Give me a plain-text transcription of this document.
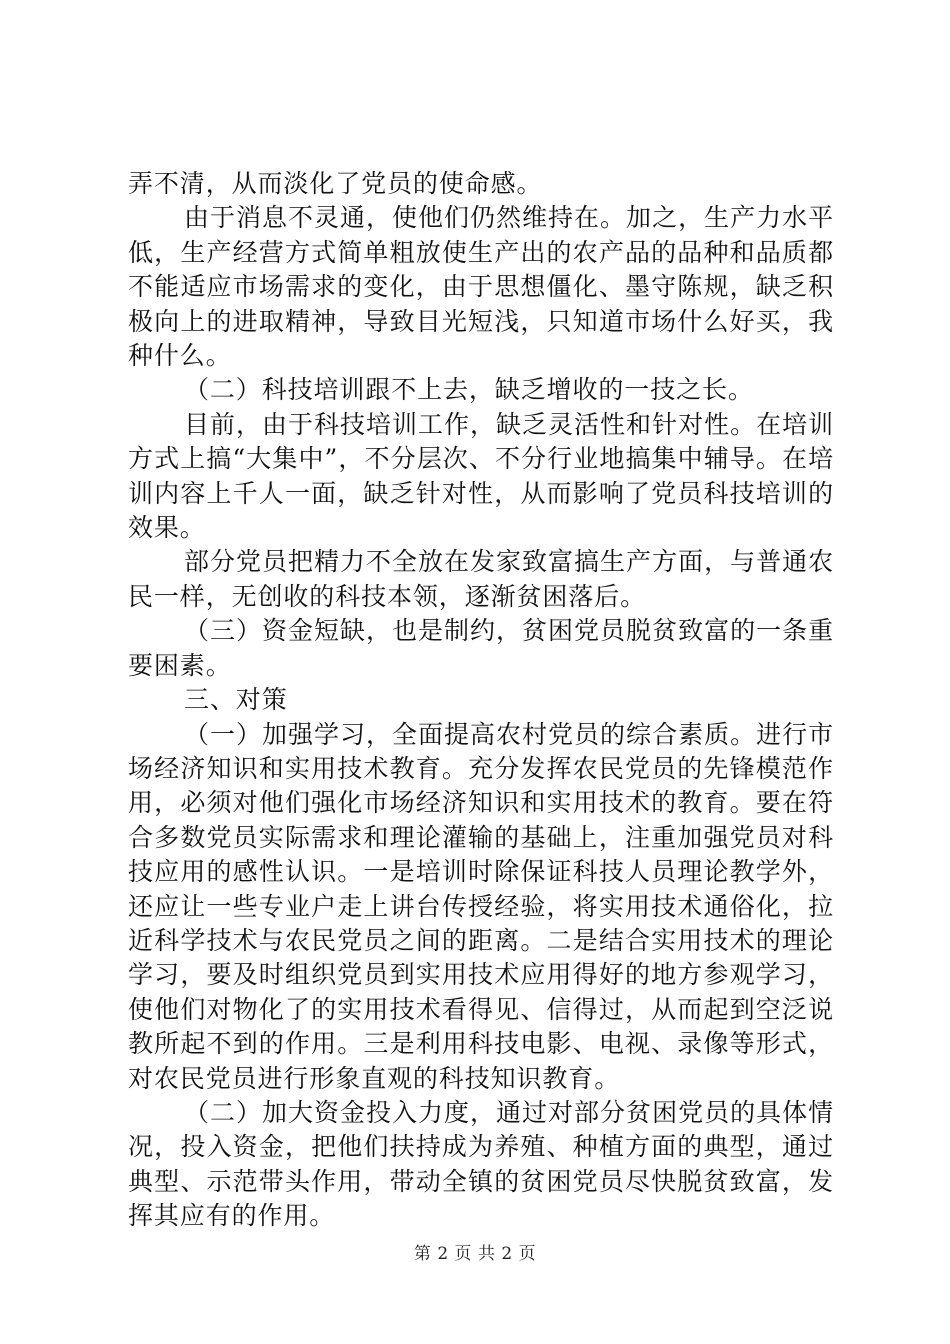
弄不清，从而淡化了党员的使命感。

由于消息不灵通，使他们仍然维持在。加之，生产力水平低，生产经营方式简单粗放使生产出的农产品的品种和品质都不能适应市场需求的变化，由于思想僵化、墨守陈规，缺乏积极向上的进取精神，导致目光短浅，只知道市场什么好买，我种什么。

（二）科技培训跟不上去，缺乏增收的一技之长。

目前，由于科技培训工作，缺乏灵活性和针对性。在培训方式上搞“大集中”，不分层次、不分行业地搞集中辅导。在培训内容上千人一面，缺乏针对性，从而影响了党员科技培训的效果。

部分党员把精力不全放在发家致富搞生产方面，与普通农民一样，无创收的科技本领，逐渐贫困落后。

（三）资金短缺，也是制约，贫困党员脱贫致富的一条重要困素。

三、对策

（一）加强学习，全面提高农村党员的综合素质。进行市场经济知识和实用技术教育。充分发挥农民党员的先锋模范作用，必须对他们强化市场经济知识和实用技术的教育。要在符合多数党员实际需求和理论灌输的基础上，注重加强党员对科技应用的感性认识。一是培训时除保证科技人员理论教学外，还应让一些专业户走上讲台传授经验，将实用技术通俗化，拉近科学技术与农民党员之间的距离。二是结合实用技术的理论学习，要及时组织党员到实用技术应用得好的地方参观学习，使他们对物化了的实用技术看得见、信得过，从而起到空泛说教所起不到的作用。三是利用科技电影、电视、录像等形式，对农民党员进行形象直观的科技知识教育。

（二）加大资金投入力度，通过对部分贫困党员的具体情况，投入资金，把他们扶持成为养殖、种植方面的典型，通过典型、示范带头作用，带动全镇的贫困党员尽快脱贫致富，发挥其应有的作用。

第 2 页 共 2 页
